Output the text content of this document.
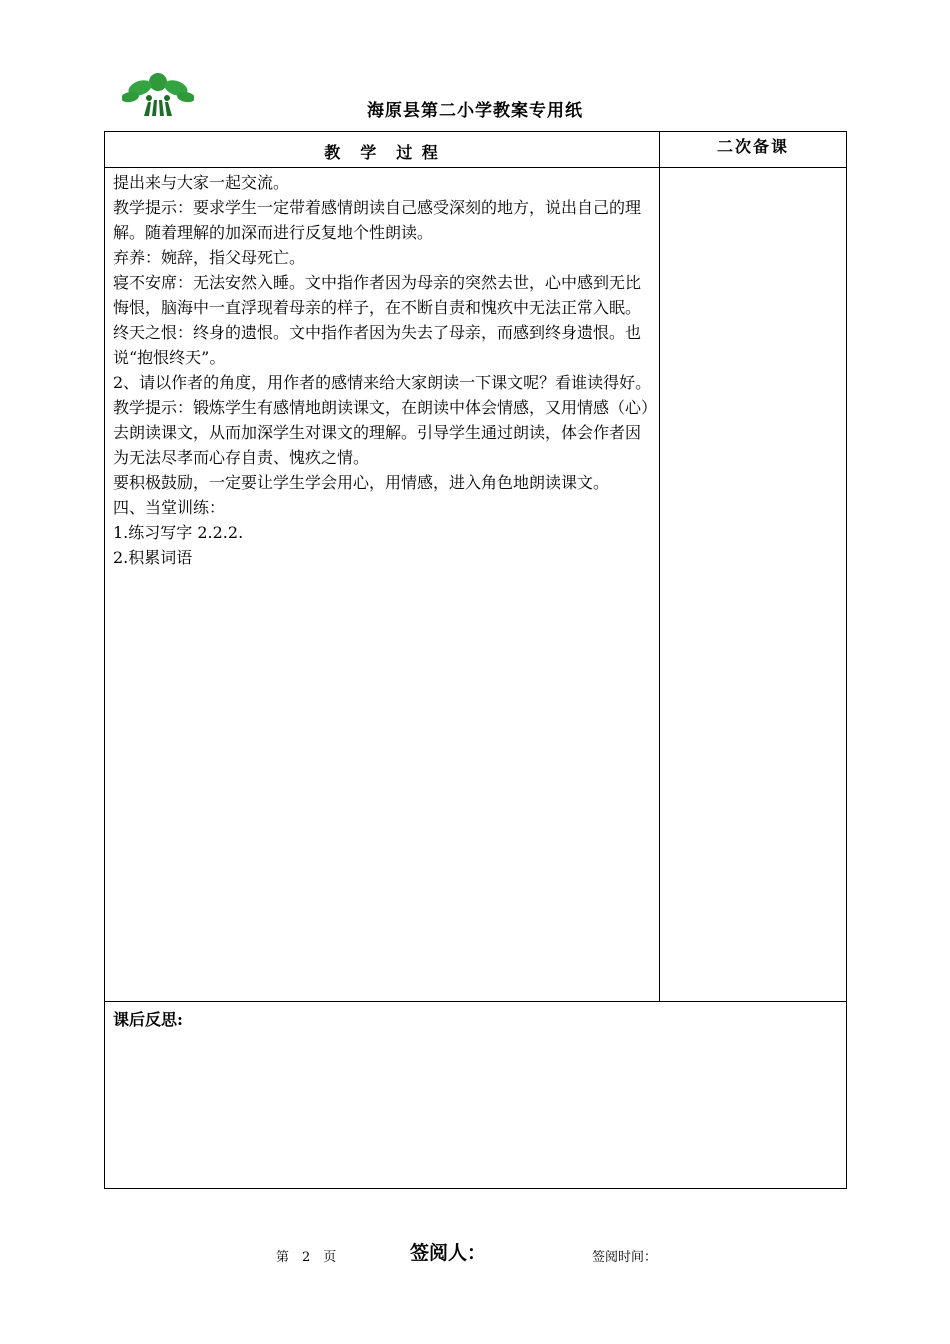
海原县第二小学教案专用纸
教　学　过 程	二次备课

提出来与大家一起交流。

教学提示：要求学生一定带着感情朗读自己感受深刻的地方，说出自己的理解。随着理解的加深而进行反复地个性朗读。

弃养：婉辞，指父母死亡。

寝不安席：无法安然入睡。文中指作者因为母亲的突然去世，心中感到无比悔恨，脑海中一直浮现着母亲的样子，在不断自责和愧疚中无法正常入眠。

终天之恨：终身的遗恨。文中指作者因为失去了母亲，而感到终身遗恨。也说“抱恨终天”。

2、请以作者的角度，用作者的感情来给大家朗读一下课文呢？看谁读得好。

教学提示：锻炼学生有感情地朗读课文，在朗读中体会情感，又用情感（心）去朗读课文，从而加深学生对课文的理解。引导学生通过朗读，体会作者因为无法尽孝而心存自责、愧疚之情。

要积极鼓励，一定要让学生学会用心，用情感，进入角色地朗读课文。

四、当堂训练：

1.练习写字 2.2.2.

2.积累词语

课后反思:
第　2　页	签阅人：	签阅时间：
